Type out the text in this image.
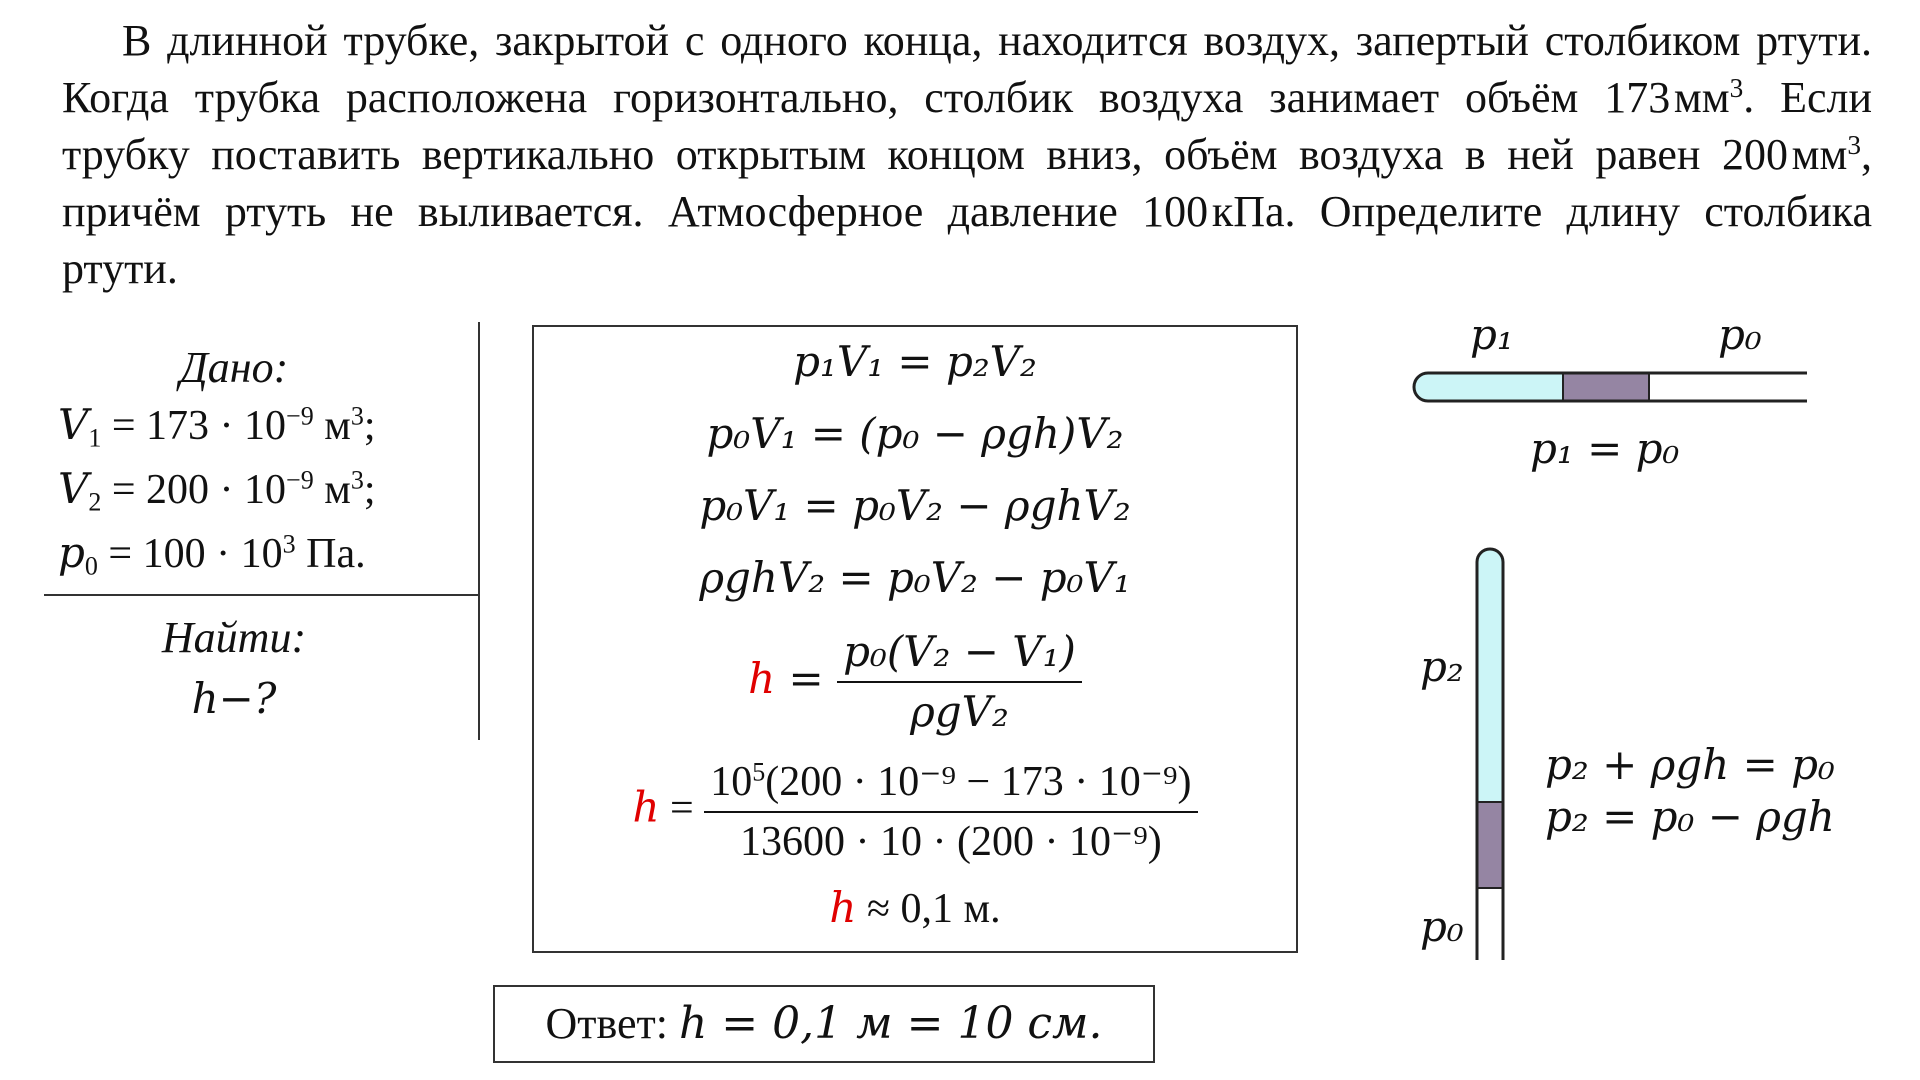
В длинной трубке, закрытой с одного конца, находится воздух, запертый столбиком ртути. Когда трубка расположена горизонтально, столбик воздуха занимает объём 173 $мм^3$. Если трубку поставить вертикально открытым концом вниз, объём воздуха в ней равен 200 $мм^3$, причём ртуть не выливается. Атмосферное давление 100 кПа. Определите длину столбика ртути.

Дано:
$V_1 = 173 \cdot 10^{-9}$ $м^3$;
$V_2 = 200 \cdot 10^{-9}$ $м^3$;
$p_0 = 100 \cdot 10^3$ Па.
Найти:
h−?
p₁V₁ = p₂V₂
p₀V₁ = (p₀ − ρgh)V₂
p₀V₁ = p₀V₂ − ρghV₂
ρghV₂ = p₀V₂ − p₀V₁
$h = \frac{\text{p₀(V₂ − V₁)}}{\text{ρgV₂}}$
$h = \frac{10^5(200 \cdot 10^{-9} - 173 \cdot 10^{-9})}{\text{13600 · 10 · (200 · 10⁻⁹)}}$
h ≈ 0,1 м.
Ответ: h = 0,1 м = 10 см.
p₁	p₀
p₁ = p₀
p₂
p₀
p₂ + ρgh = p₀
p₂ = p₀ − ρgh
